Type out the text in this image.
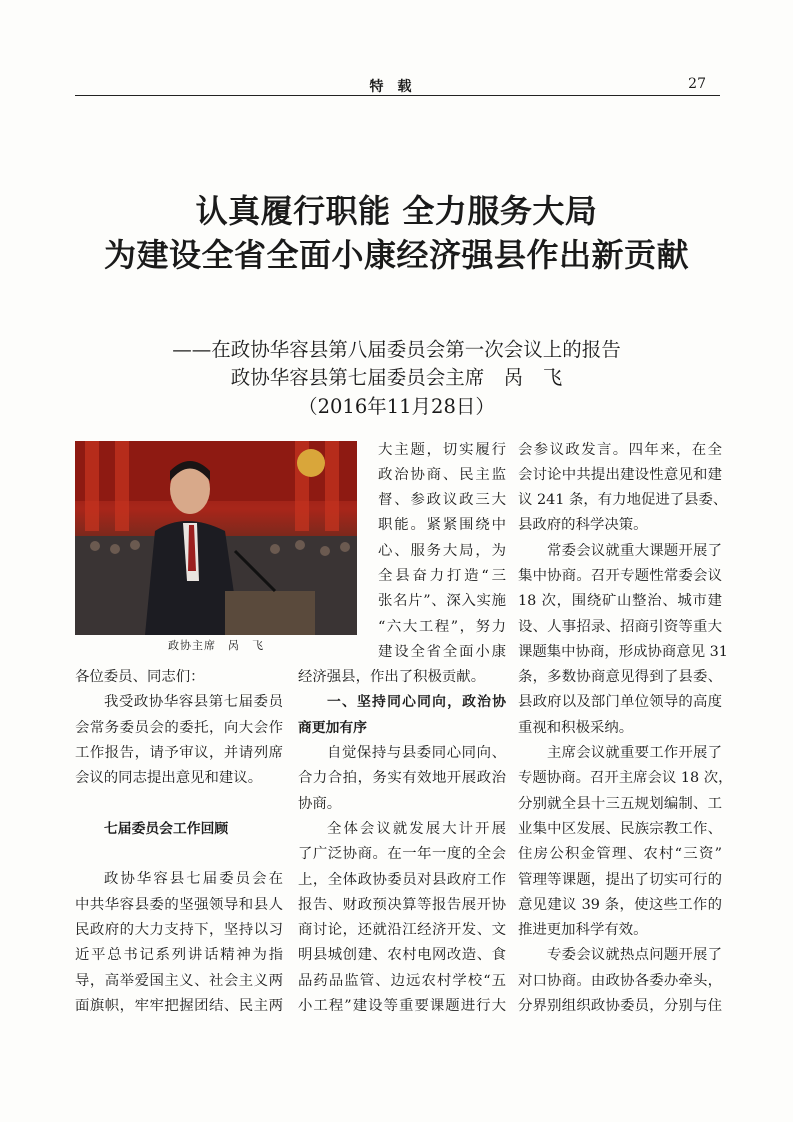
特载	27
认真履行职能 全力服务大局
为建设全省全面小康经济强县作出新贡献
——在政协华容县第八届委员会第一次会议上的报告
政协华容县第七届委员会主席　呙　飞
（2016年11月28日）
政协主席　呙　飞
各位委员、同志们：
我受政协华容县第七届委员
会常务委员会的委托，向大会作
工作报告，请予审议，并请列席
会议的同志提出意见和建议。
七届委员会工作回顾
政协华容县七届委员会在
中共华容县委的坚强领导和县人
民政府的大力支持下，坚持以习
近平总书记系列讲话精神为指
导，高举爱国主义、社会主义两
面旗帜，牢牢把握团结、民主两
大主题，切实履行
政治协商、民主监
督、参政议政三大
职能。紧紧围绕中
心、服务大局，为
全县奋力打造“三
张名片”、深入实施
“六大工程”，努力
建设全省全面小康
经济强县，作出了积极贡献。
一、坚持同心同向，政治协
商更加有序
自觉保持与县委同心同向、
合力合拍，务实有效地开展政治
协商。
全体会议就发展大计开展
了广泛协商。在一年一度的全会
上，全体政协委员对县政府工作
报告、财政预决算等报告展开协
商讨论，还就沿江经济开发、文
明县城创建、农村电网改造、食
品药品监管、边远农村学校“五
小工程”建设等重要课题进行大
会参议政发言。四年来，在全
会讨论中共提出建设性意见和建
议 241 条，有力地促进了县委、
县政府的科学决策。
常委会议就重大课题开展了
集中协商。召开专题性常委会议
18 次，围绕矿山整治、城市建
设、人事招录、招商引资等重大
课题集中协商，形成协商意见 31
条，多数协商意见得到了县委、
县政府以及部门单位领导的高度
重视和积极采纳。
主席会议就重要工作开展了
专题协商。召开主席会议 18 次，
分别就全县十三五规划编制、工
业集中区发展、民族宗教工作、
住房公积金管理、农村“三资”
管理等课题，提出了切实可行的
意见建议 39 条，使这些工作的
推进更加科学有效。
专委会议就热点问题开展了
对口协商。由政协各委办牵头，
分界别组织政协委员，分别与住
